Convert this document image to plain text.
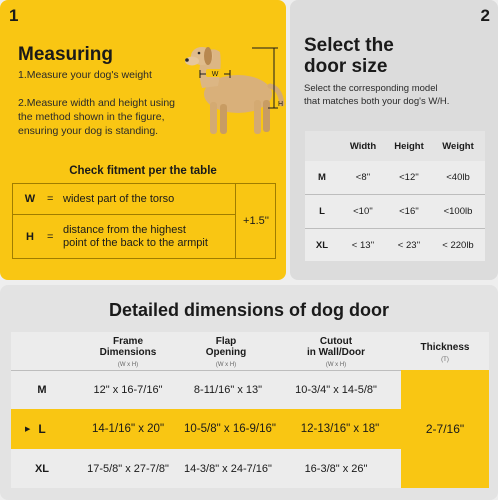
1
Measuring
1.Measure your dog's weight
2.Measure width and height using
the method shown in the figure,
ensuring your dog is standing.
W
H
Check fitment per the table
W	= widest part of the torso
H	=
distance from the highest
point of the back to the armpit
+1.5''
2
Select the
door size
Select the corresponding model
that matches both your dog's W/H.
Width	Height	Weight
M	<8''	<12''	<40lb
L	<10''	<16''	<100lb
XL	< 13''	< 23''	< 220lb
Detailed dimensions of dog door
Frame
Dimensions
(W x H)
Flap
Opening
(W x H)
Cutout
in Wall/Door
(W x H)
Thickness
(T)
M	12" x 16-7/16"	8-11/16" x 13"	10-3/4" x 14-5/8"
▶ L	14-1/16" x 20"	10-5/8" x 16-9/16"	12-13/16" x 18"
XL	17-5/8" x 27-7/8"	14-3/8" x 24-7/16"	16-3/8" x 26"
2-7/16"
